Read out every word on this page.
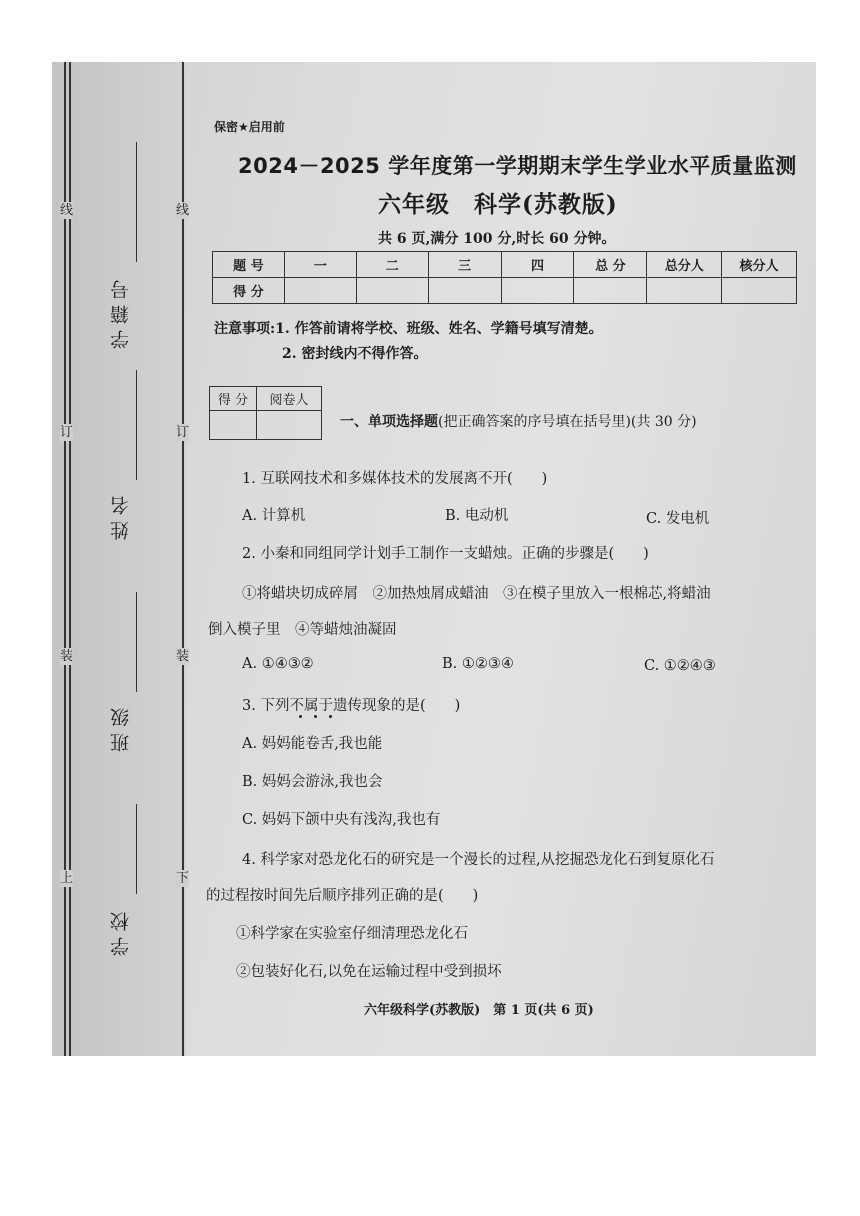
线
订
装
上
线
订
装
下
学籍号
姓名
班级
学校
保密★启用前
2024－2025 学年度第一学期期末学生学业水平质量监测
六年级　科学(苏教版)
共 6 页,满分 100 分,时长 60 分钟。
题 号	一	二	三	四	总 分	总分人	核分人
得 分							
注意事项:1. 作答前请将学校、班级、姓名、学籍号填写清楚。
2. 密封线内不得作答。
得 分	阅卷人

一、单项选择题(把正确答案的序号填在括号里)(共 30 分)
1. 互联网技术和多媒体技术的发展离不开(　　)
A. 计算机	B. 电动机	C. 发电机
2. 小秦和同组同学计划手工制作一支蜡烛。正确的步骤是(　　)
①将蜡块切成碎屑　②加热烛屑成蜡油　③在模子里放入一根棉芯,将蜡油
倒入模子里　④等蜡烛油凝固
A. ①④③②	B. ①②③④	C. ①②④③
3. 下列不属于遗传现象的是(　　)
A. 妈妈能卷舌,我也能
B. 妈妈会游泳,我也会
C. 妈妈下颌中央有浅沟,我也有
4. 科学家对恐龙化石的研究是一个漫长的过程,从挖掘恐龙化石到复原化石
的过程按时间先后顺序排列正确的是(　　)
①科学家在实验室仔细清理恐龙化石
②包装好化石,以免在运输过程中受到损坏
六年级科学(苏教版)　第 1 页(共 6 页)
